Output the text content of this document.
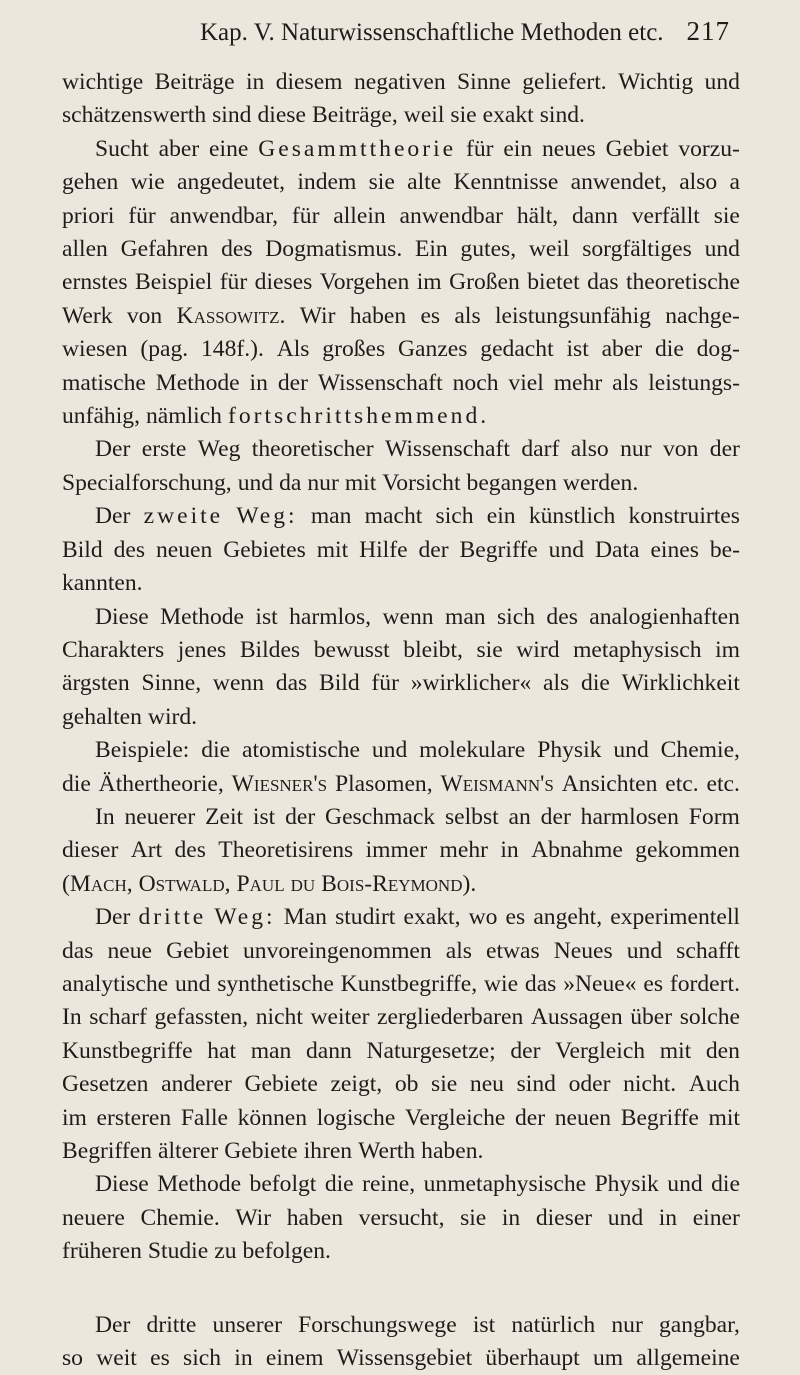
Kap. V. Naturwissenschaftliche Methoden etc. 217
wichtige Beiträge in diesem negativen Sinne geliefert. Wichtig und
schätzenswerth sind diese Beiträge, weil sie exakt sind.
Sucht aber eine Gesammttheorie für ein neues Gebiet vorzu-
gehen wie angedeutet, indem sie alte Kenntnisse anwendet, also a
priori für anwendbar, für allein anwendbar hält, dann verfällt sie
allen Gefahren des Dogmatismus. Ein gutes, weil sorgfältiges und
ernstes Beispiel für dieses Vorgehen im Großen bietet das theoretische
Werk von Kassowitz. Wir haben es als leistungsunfähig nachge-
wiesen (pag. 148f.). Als großes Ganzes gedacht ist aber die dog-
matische Methode in der Wissenschaft noch viel mehr als leistungs-
unfähig, nämlich fortschrittshemmend.
Der erste Weg theoretischer Wissenschaft darf also nur von der
Specialforschung, und da nur mit Vorsicht begangen werden.
Der zweite Weg: man macht sich ein künstlich konstruirtes
Bild des neuen Gebietes mit Hilfe der Begriffe und Data eines be-
kannten.
Diese Methode ist harmlos, wenn man sich des analogienhaften
Charakters jenes Bildes bewusst bleibt, sie wird metaphysisch im
ärgsten Sinne, wenn das Bild für »wirklicher« als die Wirklichkeit
gehalten wird.
Beispiele: die atomistische und molekulare Physik und Chemie,
die Äthertheorie, Wiesner's Plasomen, Weismann's Ansichten etc. etc.
In neuerer Zeit ist der Geschmack selbst an der harmlosen Form
dieser Art des Theoretisirens immer mehr in Abnahme gekommen
(Mach, Ostwald, Paul du Bois-Reymond).
Der dritte Weg: Man studirt exakt, wo es angeht, experimentell
das neue Gebiet unvoreingenommen als etwas Neues und schafft
analytische und synthetische Kunstbegriffe, wie das »Neue« es fordert.
In scharf gefassten, nicht weiter zergliederbaren Aussagen über solche
Kunstbegriffe hat man dann Naturgesetze; der Vergleich mit den
Gesetzen anderer Gebiete zeigt, ob sie neu sind oder nicht. Auch
im ersteren Falle können logische Vergleiche der neuen Begriffe mit
Begriffen älterer Gebiete ihren Werth haben.
Diese Methode befolgt die reine, unmetaphysische Physik und die
neuere Chemie. Wir haben versucht, sie in dieser und in einer
früheren Studie zu befolgen.
Der dritte unserer Forschungswege ist natürlich nur gangbar,
so weit es sich in einem Wissensgebiet überhaupt um allgemeine
